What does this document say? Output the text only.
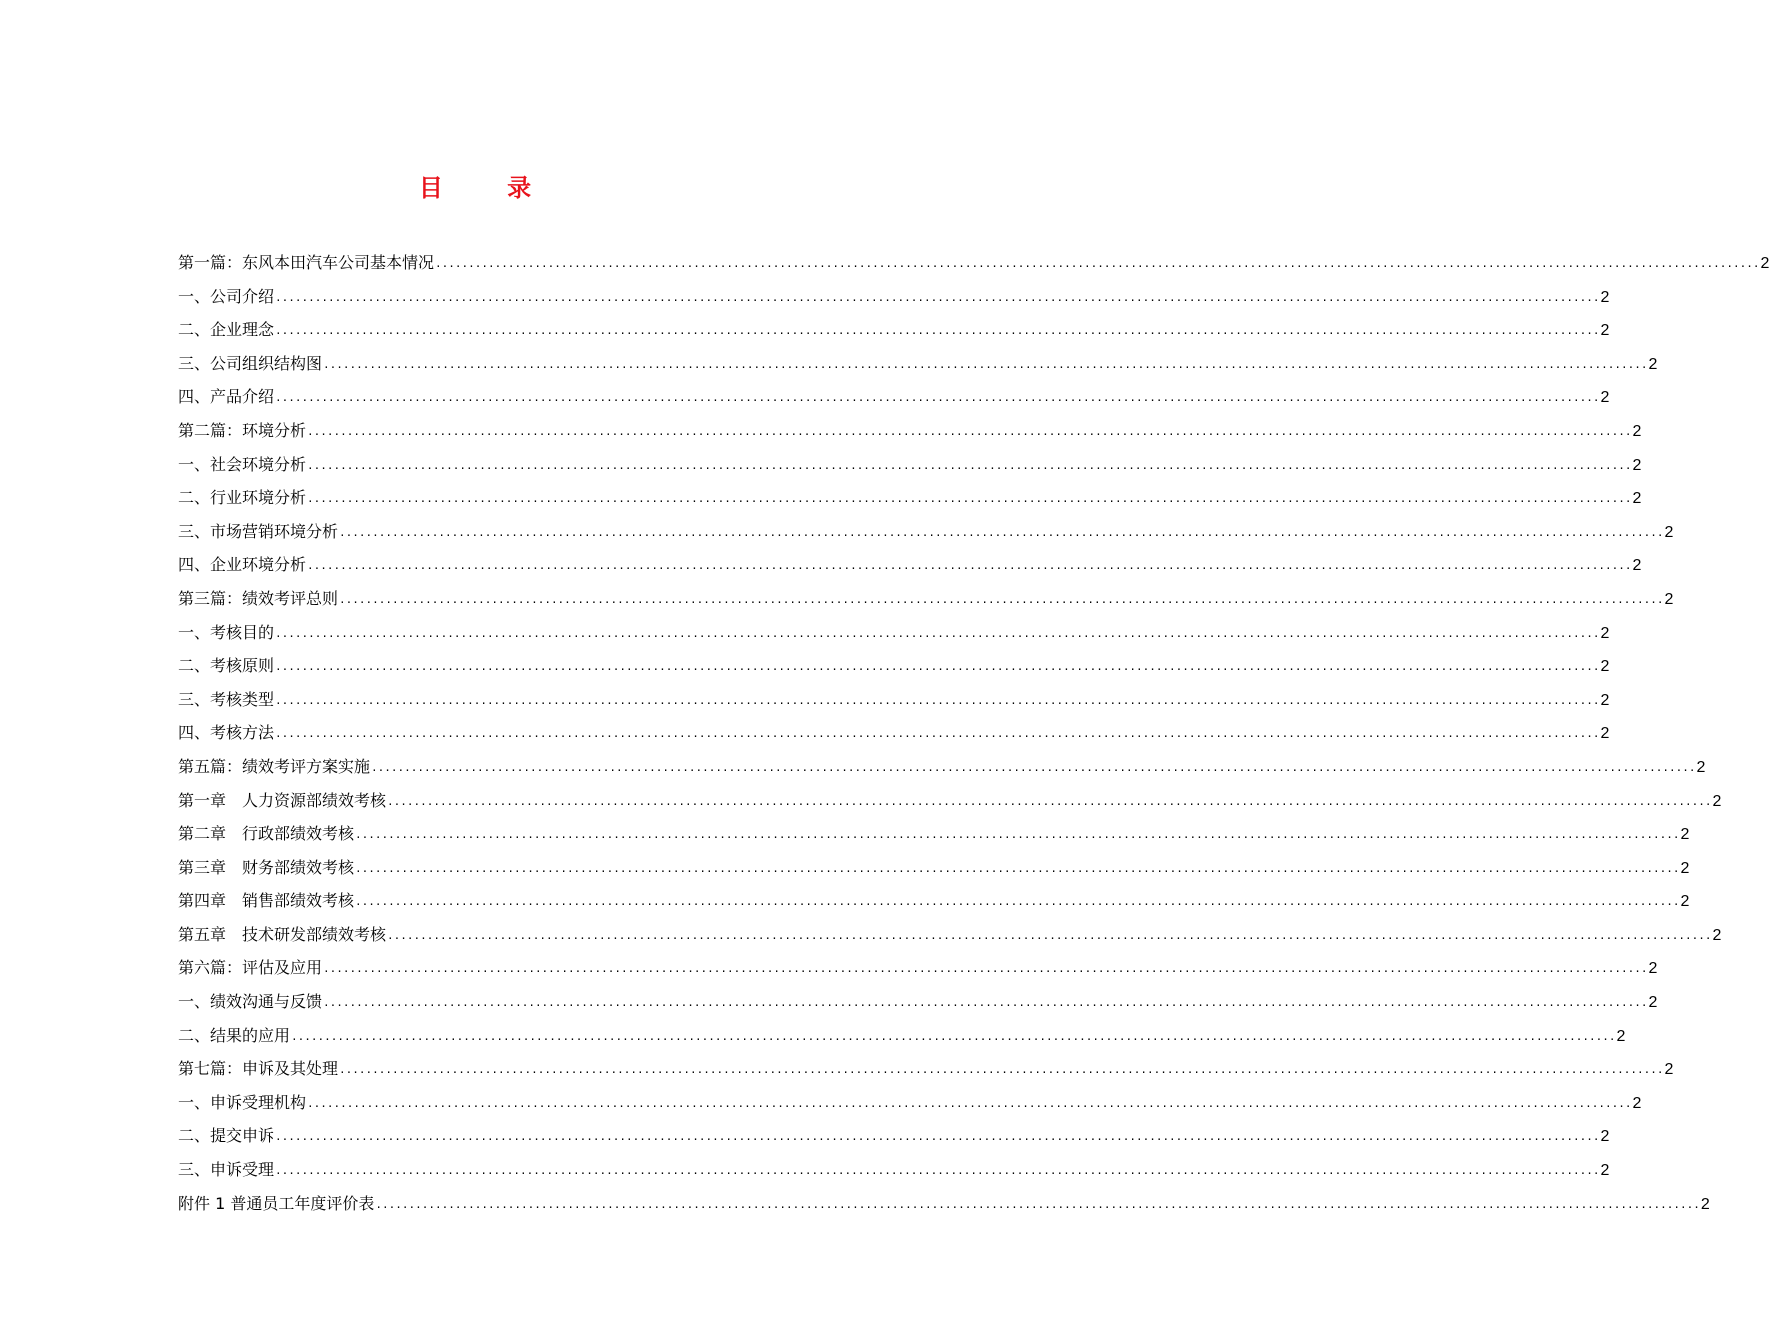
目 录
第一篇：东风本田汽车公司基本情况 ........................................................................................................................................................................................................ 2
一、公司介绍 ........................................................................................................................................................................................................ 2
二、企业理念 ........................................................................................................................................................................................................ 2
三、公司组织结构图 ........................................................................................................................................................................................................ 2
四、产品介绍 ........................................................................................................................................................................................................ 2
第二篇：环境分析 ........................................................................................................................................................................................................ 2
一、社会环境分析 ........................................................................................................................................................................................................ 2
二、行业环境分析 ........................................................................................................................................................................................................ 2
三、市场营销环境分析 ........................................................................................................................................................................................................ 2
四、企业环境分析 ........................................................................................................................................................................................................ 2
第三篇：绩效考评总则 ........................................................................................................................................................................................................ 2
一、考核目的 ........................................................................................................................................................................................................ 2
二、考核原则 ........................................................................................................................................................................................................ 2
三、考核类型 ........................................................................................................................................................................................................ 2
四、考核方法 ........................................................................................................................................................................................................ 2
第五篇：绩效考评方案实施 ........................................................................................................................................................................................................ 2
第一章　人力资源部绩效考核 ........................................................................................................................................................................................................ 2
第二章　行政部绩效考核 ........................................................................................................................................................................................................ 2
第三章　财务部绩效考核 ........................................................................................................................................................................................................ 2
第四章　销售部绩效考核 ........................................................................................................................................................................................................ 2
第五章　技术研发部绩效考核 ........................................................................................................................................................................................................ 2
第六篇：评估及应用 ........................................................................................................................................................................................................ 2
一、绩效沟通与反馈 ........................................................................................................................................................................................................ 2
二、结果的应用 ........................................................................................................................................................................................................ 2
第七篇：申诉及其处理 ........................................................................................................................................................................................................ 2
一、申诉受理机构 ........................................................................................................................................................................................................ 2
二、提交申诉 ........................................................................................................................................................................................................ 2
三、申诉受理 ........................................................................................................................................................................................................ 2
附件 1 普通员工年度评价表 ........................................................................................................................................................................................................ 2
